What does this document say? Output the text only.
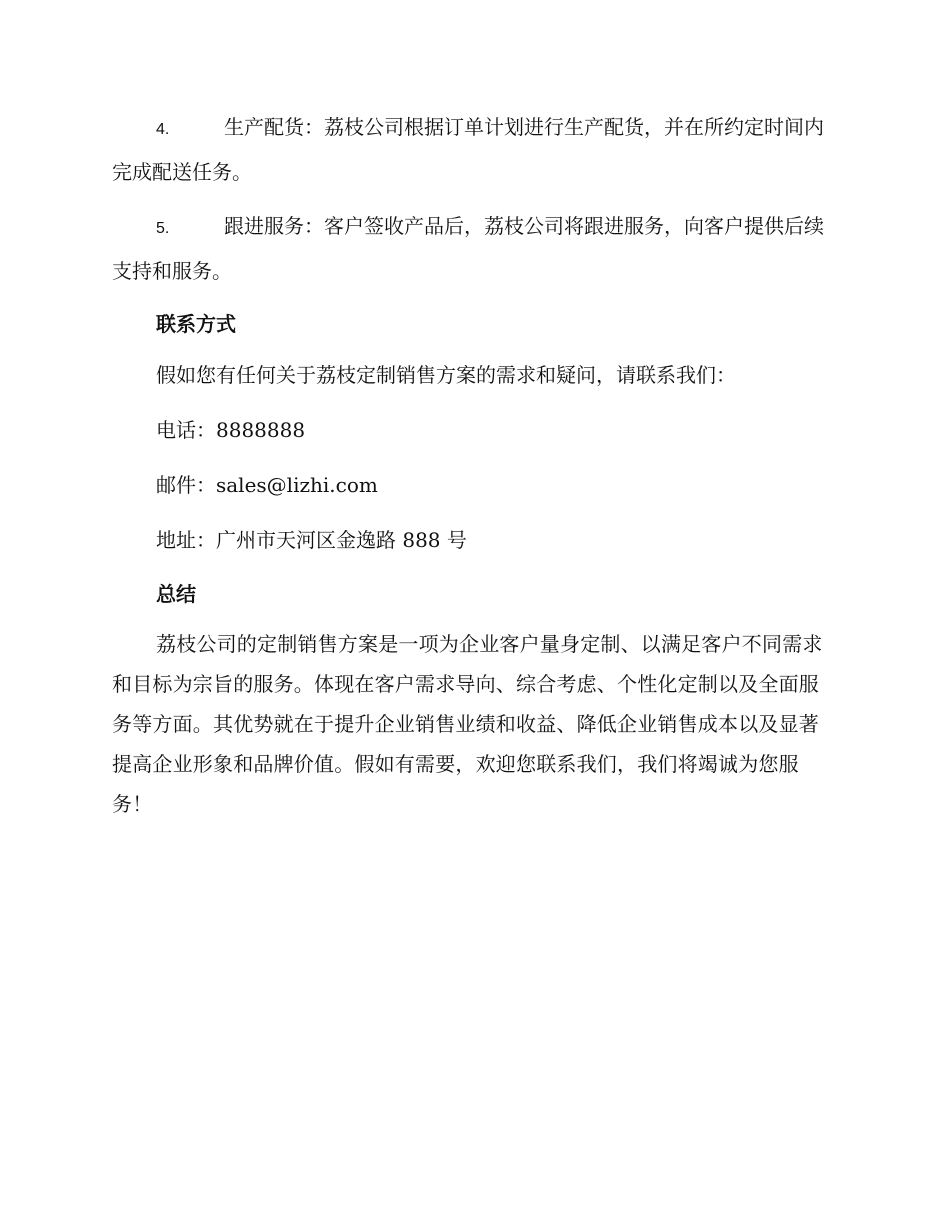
4.	生产配货：荔枝公司根据订单计划进行生产配货，并在所约定时间内完成配送任务。
5.	跟进服务：客户签收产品后，荔枝公司将跟进服务，向客户提供后续支持和服务。
联系方式
假如您有任何关于荔枝定制销售方案的需求和疑问，请联系我们：
电话：8888888
邮件：sales@lizhi.com
地址：广州市天河区金逸路 888 号
总结
荔枝公司的定制销售方案是一项为企业客户量身定制、以满足客户不同需求和目标为宗旨的服务。体现在客户需求导向、综合考虑、个性化定制以及全面服务等方面。其优势就在于提升企业销售业绩和收益、降低企业销售成本以及显著提高企业形象和品牌价值。假如有需要，欢迎您联系我们，我们将竭诚为您服务！
